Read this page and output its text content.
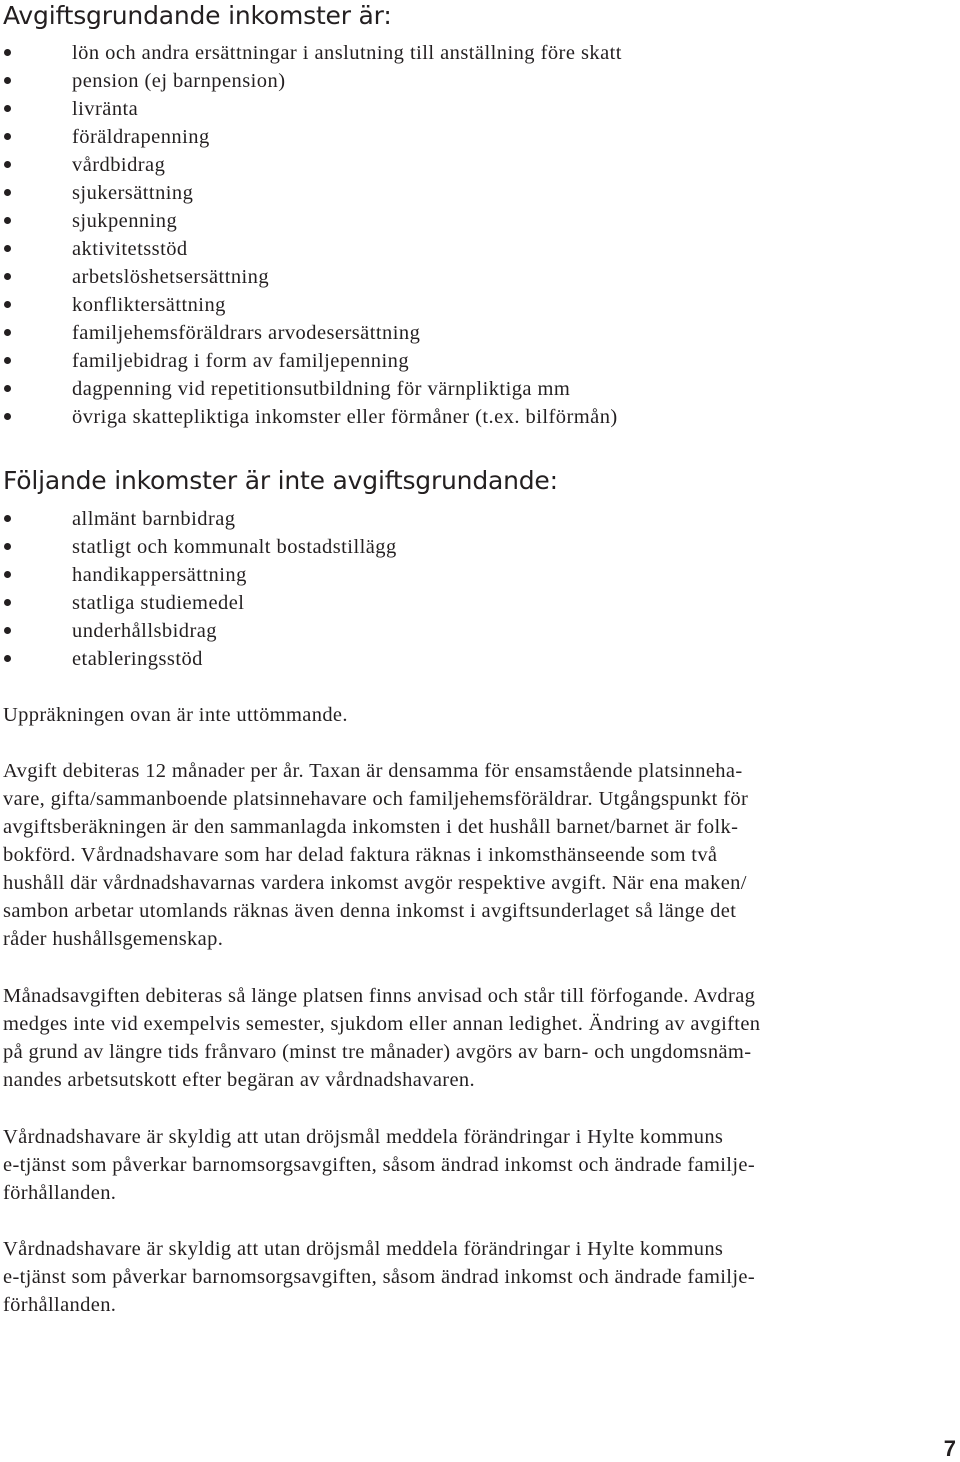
Avgiftsgrundande inkomster är:
lön och andra ersättningar i anslutning till anställning före skatt
pension (ej barnpension)
livränta
föräldrapenning
vårdbidrag
sjukersättning
sjukpenning
aktivitetsstöd
arbetslöshetsersättning
konfliktersättning
familjehemsföräldrars arvodesersättning
familjebidrag i form av familjepenning
dagpenning vid repetitionsutbildning för värnpliktiga mm
övriga skattepliktiga inkomster eller förmåner (t.ex. bilförmån)
Följande inkomster är inte avgiftsgrundande:
allmänt barnbidrag
statligt och kommunalt bostadstillägg
handikappersättning
statliga studiemedel
underhållsbidrag
etableringsstöd

Uppräkningen ovan är inte uttömmande.

Avgift debiteras 12 månader per år. Taxan är densamma för ensamstående platsinneha-
vare, gifta/sammanboende platsinnehavare och familjehemsföräldrar. Utgångspunkt för
avgiftsberäkningen är den sammanlagda inkomsten i det hushåll barnet/barnet är folk-
bokförd. Vårdnadshavare som har delad faktura räknas i inkomsthänseende som två
hushåll där vårdnadshavarnas vardera inkomst avgör respektive avgift. När ena maken/
sambon arbetar utomlands räknas även denna inkomst i avgiftsunderlaget så länge det
råder hushållsgemenskap.

Månadsavgiften debiteras så länge platsen finns anvisad och står till förfogande. Avdrag
medges inte vid exempelvis semester, sjukdom eller annan ledighet. Ändring av avgiften
på grund av längre tids frånvaro (minst tre månader) avgörs av barn- och ungdomsnäm-
nandes arbetsutskott efter begäran av vårdnadshavaren.

Vårdnadshavare är skyldig att utan dröjsmål meddela förändringar i Hylte kommuns
e-tjänst som påverkar barnomsorgsavgiften, såsom ändrad inkomst och ändrade familje-
förhållanden.

Vårdnadshavare är skyldig att utan dröjsmål meddela förändringar i Hylte kommuns
e-tjänst som påverkar barnomsorgsavgiften, såsom ändrad inkomst och ändrade familje-
förhållanden.

7
